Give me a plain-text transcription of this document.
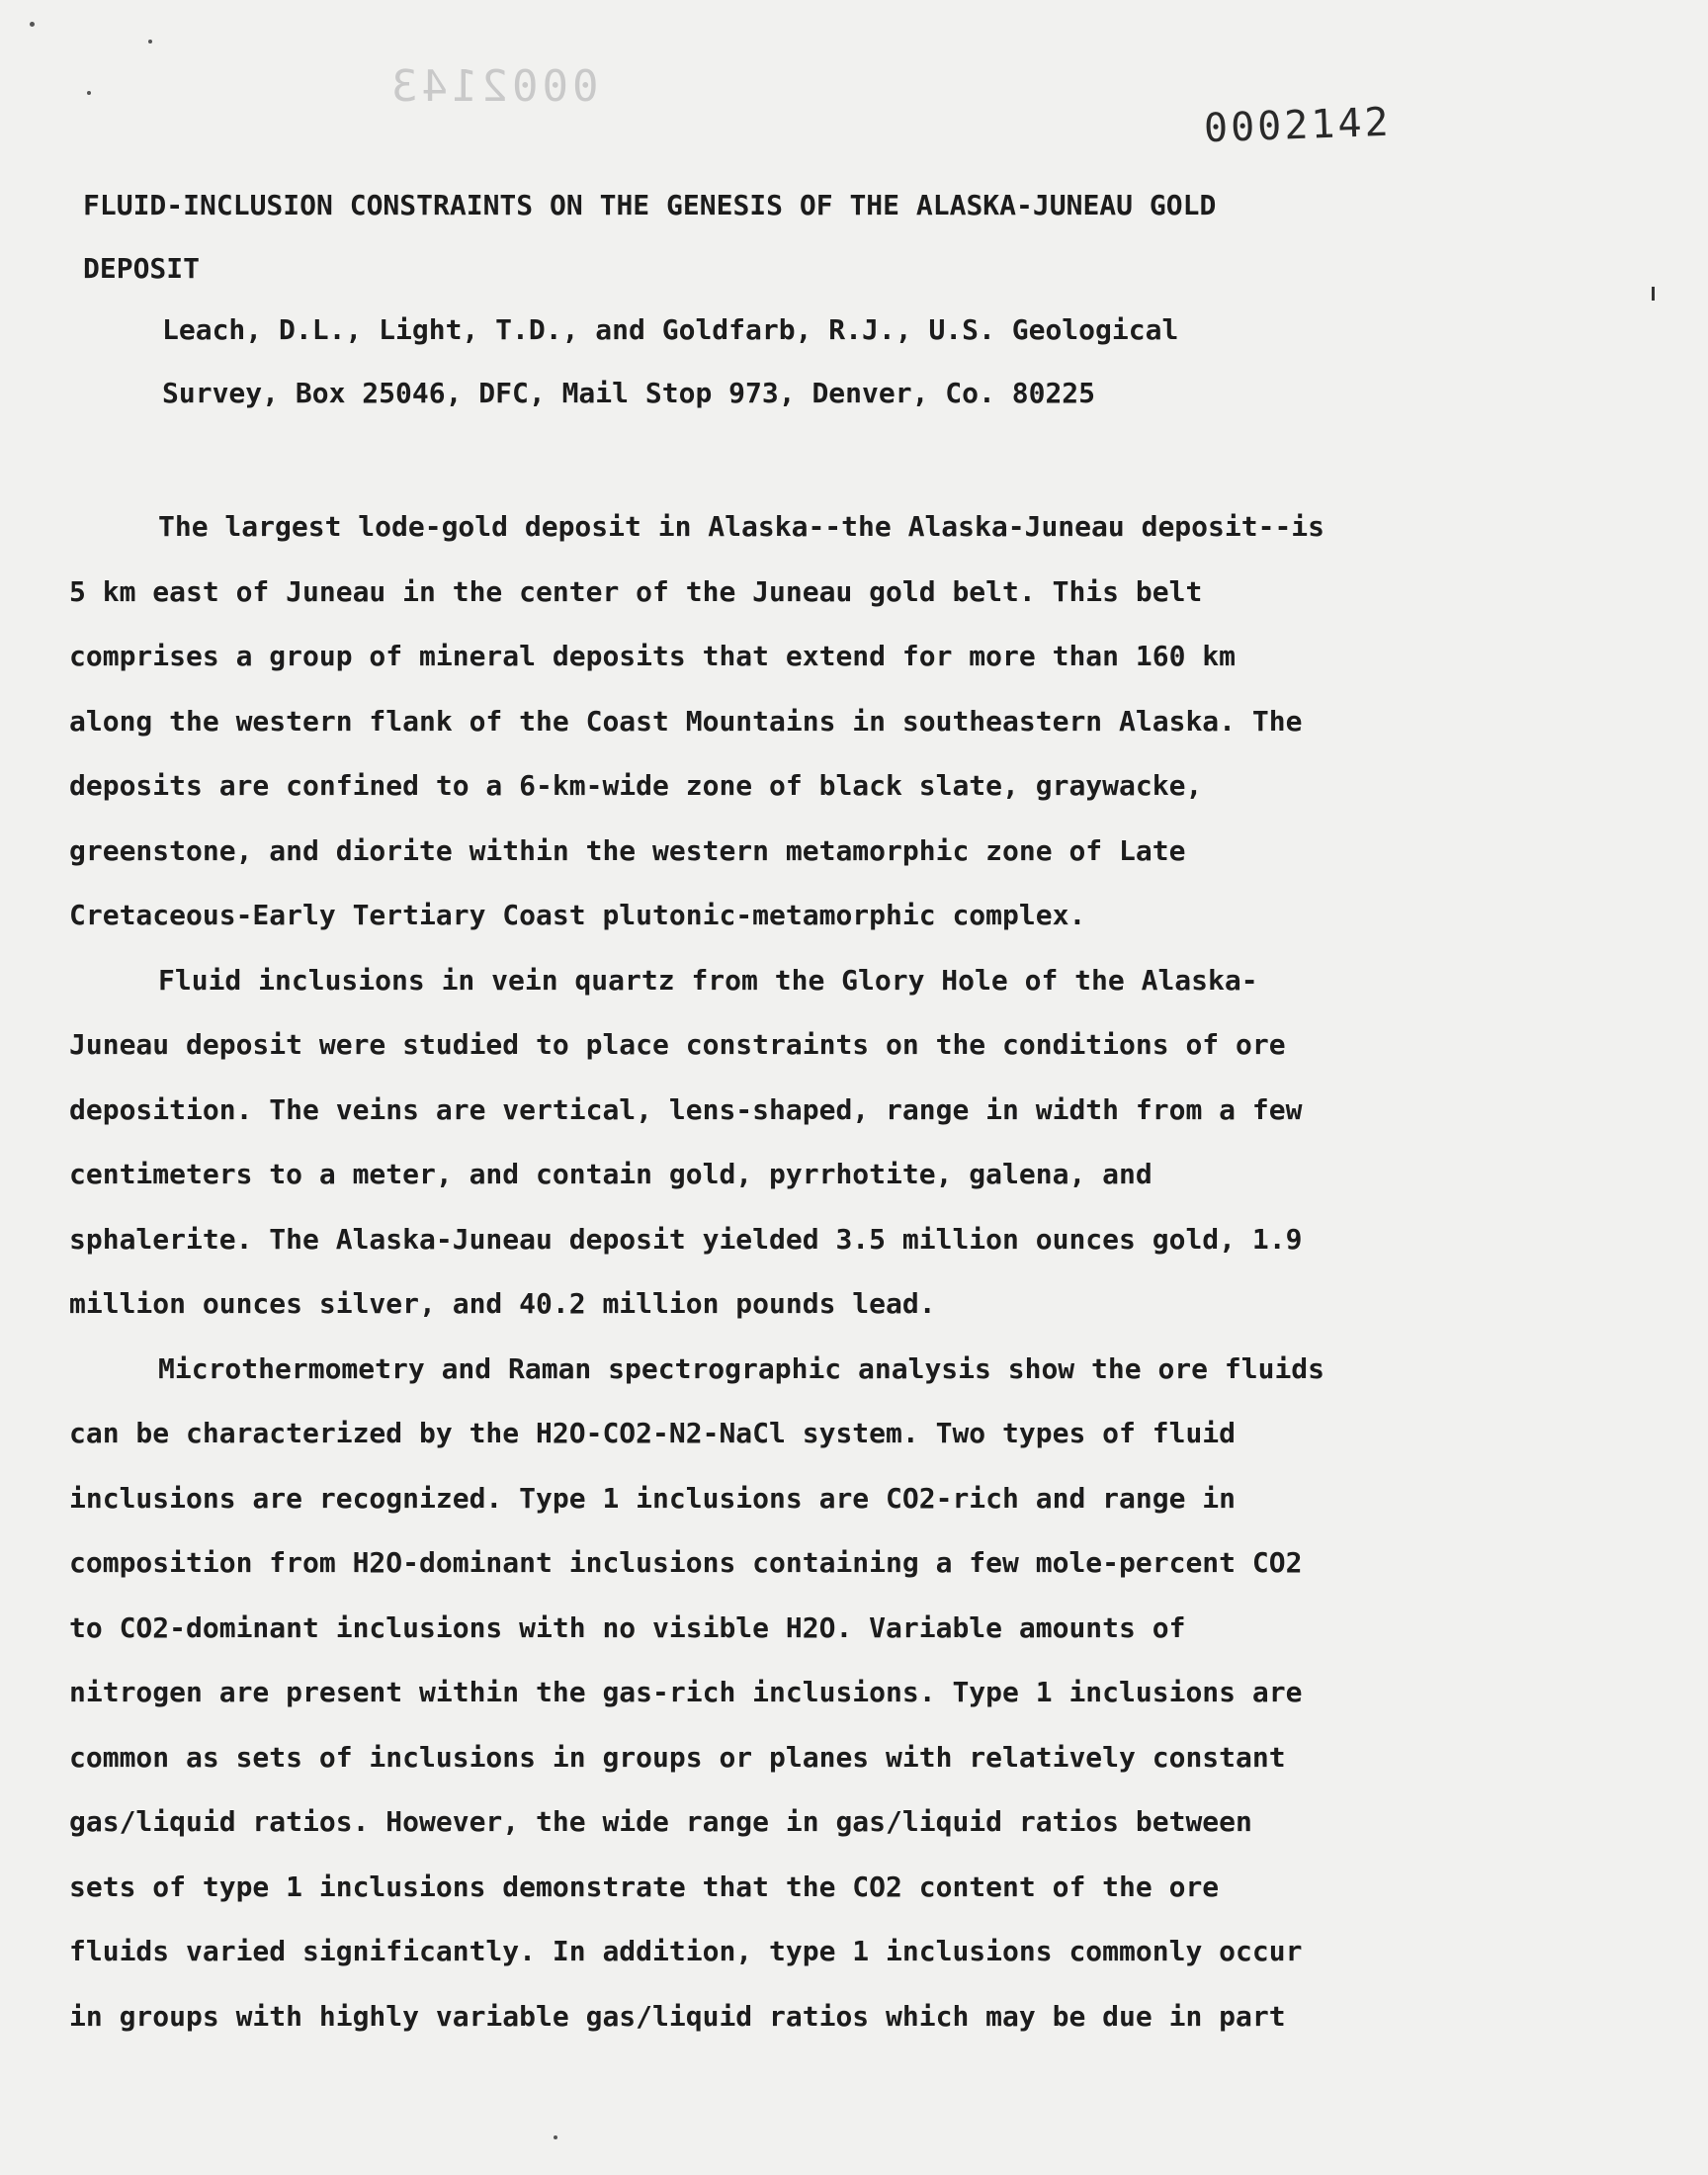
0002143
0002142
FLUID-INCLUSION CONSTRAINTS ON THE GENESIS OF THE ALASKA-JUNEAU GOLD
DEPOSIT
Leach, D.L., Light, T.D., and Goldfarb, R.J., U.S. Geological
Survey, Box 25046, DFC, Mail Stop 973, Denver, Co. 80225

The largest lode-gold deposit in Alaska--the Alaska-Juneau deposit--is
5 km east of Juneau in the center of the Juneau gold belt. This belt
comprises a group of mineral deposits that extend for more than 160 km
along the western flank of the Coast Mountains in southeastern Alaska. The
deposits are confined to a 6-km-wide zone of black slate, graywacke,
greenstone, and diorite within the western metamorphic zone of Late
Cretaceous-Early Tertiary Coast plutonic-metamorphic complex.

Fluid inclusions in vein quartz from the Glory Hole of the Alaska-
Juneau deposit were studied to place constraints on the conditions of ore
deposition. The veins are vertical, lens-shaped, range in width from a few
centimeters to a meter, and contain gold, pyrrhotite, galena, and
sphalerite. The Alaska-Juneau deposit yielded 3.5 million ounces gold, 1.9
million ounces silver, and 40.2 million pounds lead.

Microthermometry and Raman spectrographic analysis show the ore fluids
can be characterized by the H2O-CO2-N2-NaCl system. Two types of fluid
inclusions are recognized. Type 1 inclusions are CO2-rich and range in
composition from H2O-dominant inclusions containing a few mole-percent CO2
to CO2-dominant inclusions with no visible H2O. Variable amounts of
nitrogen are present within the gas-rich inclusions. Type 1 inclusions are
common as sets of inclusions in groups or planes with relatively constant
gas/liquid ratios. However, the wide range in gas/liquid ratios between
sets of type 1 inclusions demonstrate that the CO2 content of the ore
fluids varied significantly. In addition, type 1 inclusions commonly occur
in groups with highly variable gas/liquid ratios which may be due in part
